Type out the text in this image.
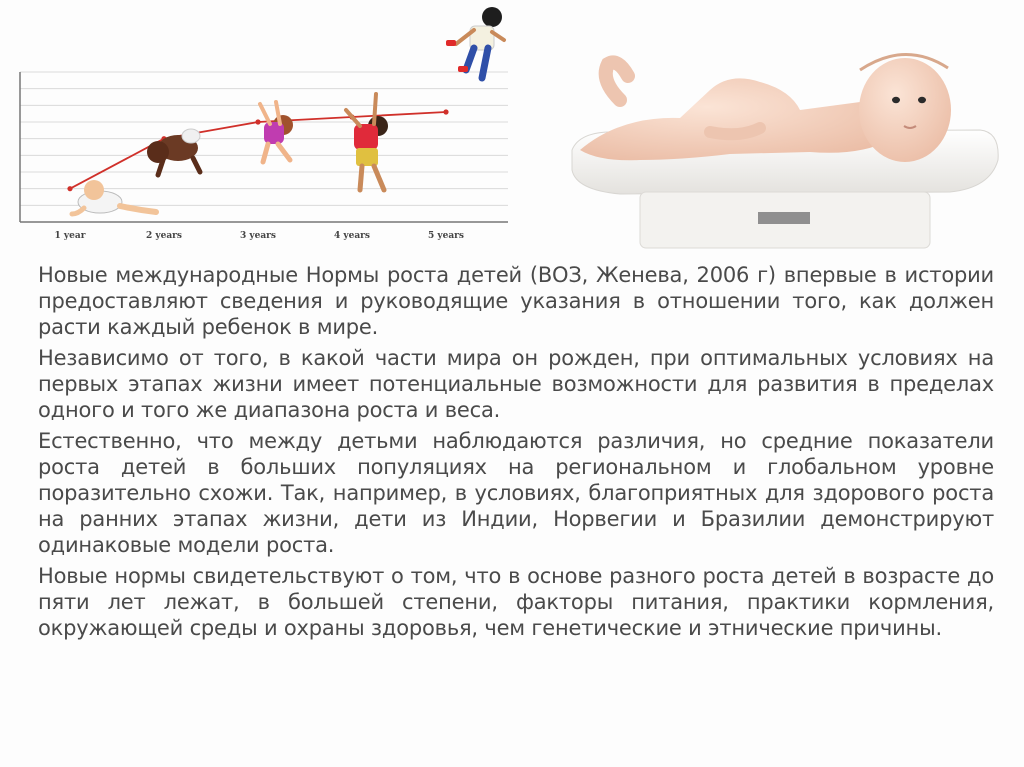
1 year	2 years	3 years	4 years	5 years

Новые международные Нормы роста детей (ВОЗ, Женева, 2006 г) впервые в истории предоставляют сведения и руководящие указания в отношении того, как должен расти каждый ребенок в мире.

Независимо от того, в какой части мира он рожден, при оптимальных условиях на первых этапах жизни имеет потенциальные возможности для развития в пределах одного и того же диапазона роста и веса.

Естественно, что между детьми наблюдаются различия, но средние показатели роста детей в больших популяциях на региональном и глобальном уровне поразительно схожи. Так, например, в условиях, благоприятных для здорового роста на ранних этапах жизни, дети из Индии, Норвегии и Бразилии демонстрируют одинаковые модели роста.

Новые нормы свидетельствуют о том, что в основе разного роста детей в возрасте до пяти лет лежат, в большей степени, факторы питания, практики кормления, окружающей среды и охраны здоровья, чем генетические и этнические причины.
